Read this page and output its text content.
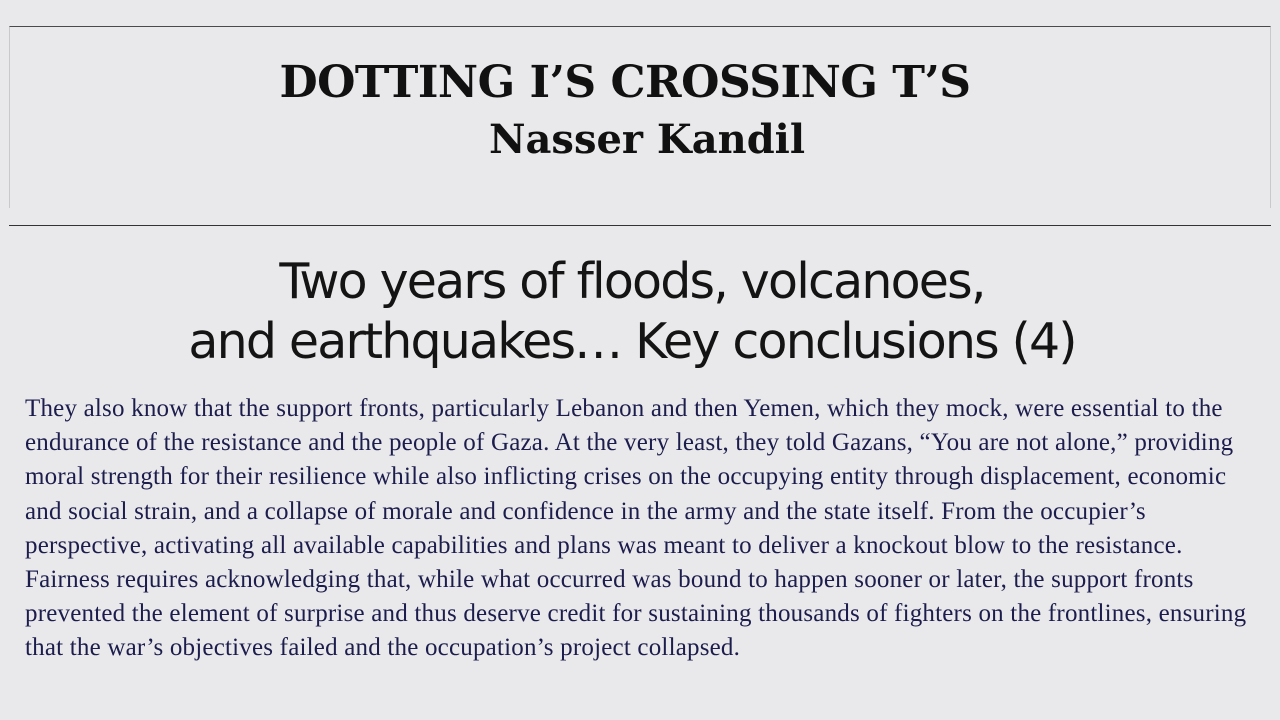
DOTTING I’S CROSSING T’S
Nasser Kandil
Two years of floods, volcanoes,
and earthquakes… Key conclusions (4)

They also know that the support fronts, particularly Lebanon and then Yemen, which they mock, were essential to the endurance of the resistance and the people of Gaza. At the very least, they told Gazans, “You are not alone,” providing moral strength for their resilience while also inflicting crises on the occupying entity through displacement, economic and social strain, and a collapse of morale and confidence in the army and the state itself. From the occupier’s perspective, activating all available capabilities and plans was meant to deliver a knockout blow to the resistance. Fairness requires acknowledging that, while what occurred was bound to happen sooner or later, the support fronts prevented the element of surprise and thus deserve credit for sustaining thousands of fighters on the frontlines, ensuring that the war’s objectives failed and the occupation’s project collapsed.
